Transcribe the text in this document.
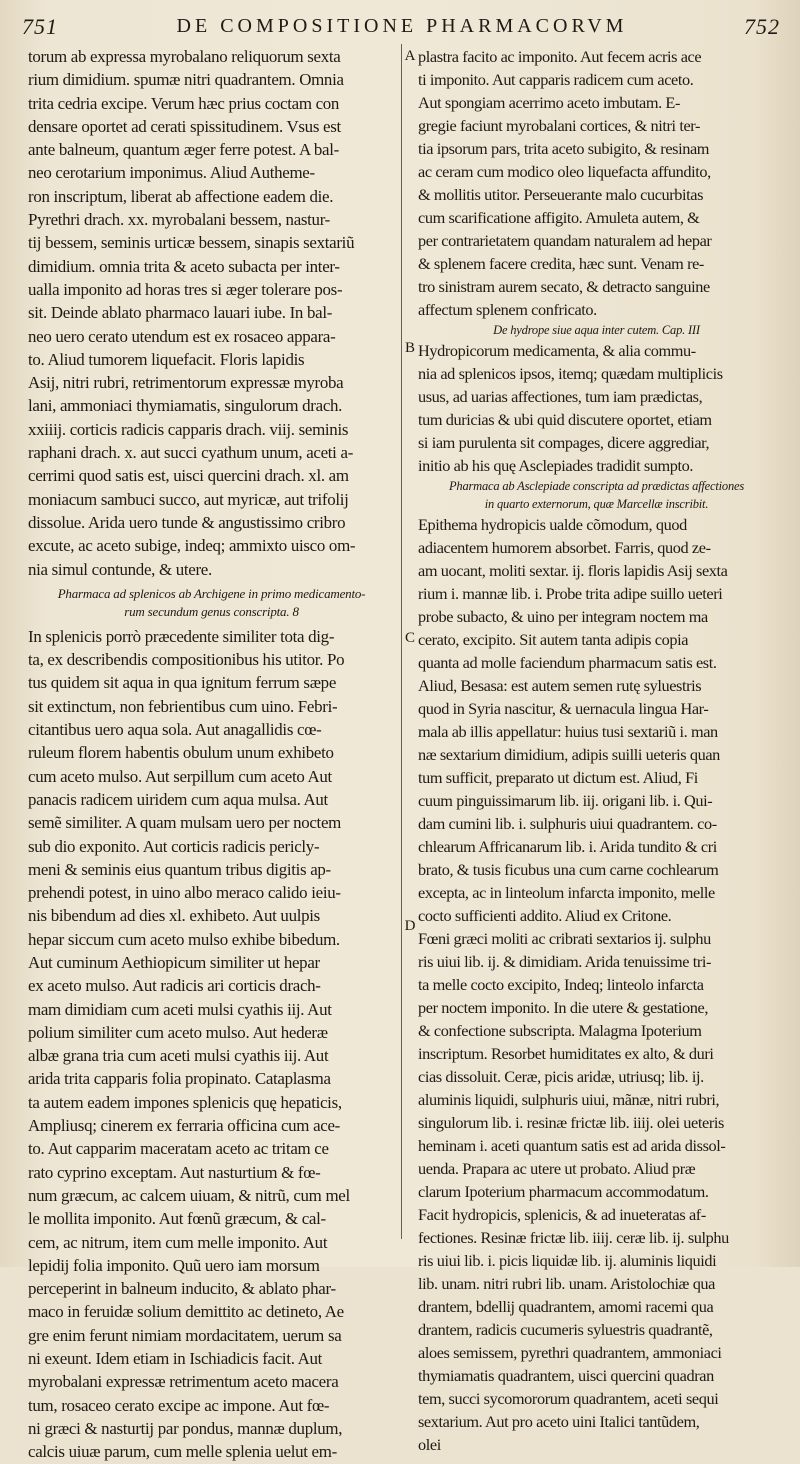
751	DE COMPOSITIONE PHARMACORVM	752
A
B
C
D
torum ab expressa myrobalano reliquorum sexta
rium dimidium. spumæ nitri quadrantem. Omnia
trita cedria excipe. Verum hæc prius coctam con
densare oportet ad cerati spissitudinem. Vsus est
ante balneum, quantum æger ferre potest. A bal-
neo cerotarium imponimus. Aliud Autheme-
ron inscriptum, liberat ab affectione eadem die.
Pyrethri drach. xx. myrobalani bessem, nastur-
tij bessem, seminis urticæ bessem, sinapis sextariũ
dimidium. omnia trita & aceto subacta per inter-
ualla imponito ad horas tres si æger tolerare pos-
sit. Deinde ablato pharmaco lauari iube. In bal-
neo uero cerato utendum est ex rosaceo appara-
to. Aliud tumorem liquefacit. Floris lapidis
Asij, nitri rubri, retrimentorum expressæ myroba
lani, ammoniaci thymiamatis, singulorum drach.
xxiiij. corticis radicis capparis drach. viij. seminis
raphani drach. x. aut succi cyathum unum, aceti a-
cerrimi quod satis est, uisci quercini drach. xl. am
moniacum sambuci succo, aut myricæ, aut trifolij
dissolue. Arida uero tunde & angustissimo cribro
excute, ac aceto subige, indeq; ammixto uisco om-
nia simul contunde, & utere.
Pharmaca ad splenicos ab Archigene in primo medicamento-
rum secundum genus conscripta. 8
In splenicis porrò præcedente similiter tota dig-
ta, ex describendis compositionibus his utitor. Po
tus quidem sit aqua in qua ignitum ferrum sæpe
sit extinctum, non febrientibus cum uino. Febri-
citantibus uero aqua sola. Aut anagallidis cœ-
ruleum florem habentis obulum unum exhibeto
cum aceto mulso. Aut serpillum cum aceto Aut
panacis radicem uiridem cum aqua mulsa. Aut
semẽ similiter. A quam mulsam uero per noctem
sub dio exponito. Aut corticis radicis pericly-
meni & seminis eius quantum tribus digitis ap-
prehendi potest, in uino albo meraco calido ieiu-
nis bibendum ad dies xl. exhibeto. Aut uulpis
hepar siccum cum aceto mulso exhibe bibedum.
Aut cuminum Aethiopicum similiter ut hepar
ex aceto mulso. Aut radicis ari corticis drach-
mam dimidiam cum aceti mulsi cyathis iij. Aut
polium similiter cum aceto mulso. Aut hederæ
albæ grana tria cum aceti mulsi cyathis iij. Aut
arida trita capparis folia propinato. Cataplasma
ta autem eadem impones splenicis quę hepaticis,
Ampliusq; cinerem ex ferraria officina cum ace-
to. Aut capparim maceratam aceto ac tritam ce
rato cyprino exceptam. Aut nasturtium & fœ-
num græcum, ac calcem uiuam, & nitrũ, cum mel
le mollita imponito. Aut fœnũ græcum, & cal-
cem, ac nitrum, item cum melle imponito. Aut
lepidij folia imponito. Quũ uero iam morsum
perceperint in balneum inducito, & ablato phar-
maco in feruidæ solium demittito ac detineto, Ae
gre enim ferunt nimiam mordacitatem, uerum sa
ni exeunt. Idem etiam in Ischiadicis facit. Aut
myrobalani expressæ retrimentum aceto macera
tum, rosaceo cerato excipe ac impone. Aut fœ-
ni græci & nasturtij par pondus, mannæ duplum,
calcis uiuæ parum, cum melle splenia uelut em-
plastra facito ac imponito. Aut fecem acris ace
ti imponito. Aut capparis radicem cum aceto.
Aut spongiam acerrimo aceto imbutam. E-
gregie faciunt myrobalani cortices, & nitri ter-
tia ipsorum pars, trita aceto subigito, & resinam
ac ceram cum modico oleo liquefacta affundito,
& mollitis utitor. Perseuerante malo cucurbitas
cum scarificatione affigito. Amuleta autem, &
per contrarietatem quandam naturalem ad hepar
& splenem facere credita, hæc sunt. Venam re-
tro sinistram aurem secato, & detracto sanguine
affectum splenem confricato.
De hydrope siue aqua inter cutem. Cap. III
Hydropicorum medicamenta, & alia commu-
nia ad splenicos ipsos, itemq; quædam multiplicis
usus, ad uarias affectiones, tum iam prædictas,
tum duricias & ubi quid discutere oportet, etiam
si iam purulenta sit compages, dicere aggrediar,
initio ab his quę Asclepiades tradidit sumpto.
Pharmaca ab Asclepiade conscripta ad prædictas affectiones
in quarto externorum, quæ Marcellæ inscribit.
Epithema hydropicis ualde cõmodum, quod
adiacentem humorem absorbet. Farris, quod ze-
am uocant, moliti sextar. ij. floris lapidis Asij sexta
rium i. mannæ lib. i. Probe trita adipe suillo ueteri
probe subacto, & uino per integram noctem ma
cerato, excipito. Sit autem tanta adipis copia
quanta ad molle faciendum pharmacum satis est.
Aliud, Besasa: est autem semen rutę syluestris
quod in Syria nascitur, & uernacula lingua Har-
mala ab illis appellatur: huius tusi sextariũ i. man
næ sextarium dimidium, adipis suilli ueteris quan
tum sufficit, preparato ut dictum est. Aliud, Fi
cuum pinguissimarum lib. iij. origani lib. i. Qui-
dam cumini lib. i. sulphuris uiui quadrantem. co-
chlearum Affricanarum lib. i. Arida tundito & cri
brato, & tusis ficubus una cum carne cochlearum
excepta, ac in linteolum infarcta imponito, melle
cocto sufficienti addito. Aliud ex Critone.
Fœni græci moliti ac cribrati sextarios ij. sulphu
ris uiui lib. ij. & dimidiam. Arida tenuissime tri-
ta melle cocto excipito, Indeq; linteolo infarcta
per noctem imponito. In die utere & gestatione,
& confectione subscripta. Malagma Ipoterium
inscriptum. Resorbet humiditates ex alto, & duri
cias dissoluit. Ceræ, picis aridæ, utriusq; lib. ij.
aluminis liquidi, sulphuris uiui, mãnæ, nitri rubri,
singulorum lib. i. resinæ frictæ lib. iiij. olei ueteris
heminam i. aceti quantum satis est ad arida dissol-
uenda. Prapara ac utere ut probato. Aliud præ
clarum Ipoterium pharmacum accommodatum.
Facit hydropicis, splenicis, & ad inueteratas af-
fectiones. Resinæ frictæ lib. iiij. ceræ lib. ij. sulphu
ris uiui lib. i. picis liquidæ lib. ij. aluminis liquidi
lib. unam. nitri rubri lib. unam. Aristolochiæ qua
drantem, bdellij quadrantem, amomi racemi qua
drantem, radicis cucumeris syluestris quadrantẽ,
aloes semissem, pyrethri quadrantem, ammoniaci
thymiamatis quadrantem, uisci quercini quadran
tem, succi sycomororum quadrantem, aceti sequi
sextarium. Aut pro aceto uini Italici tantũdem,
olei
